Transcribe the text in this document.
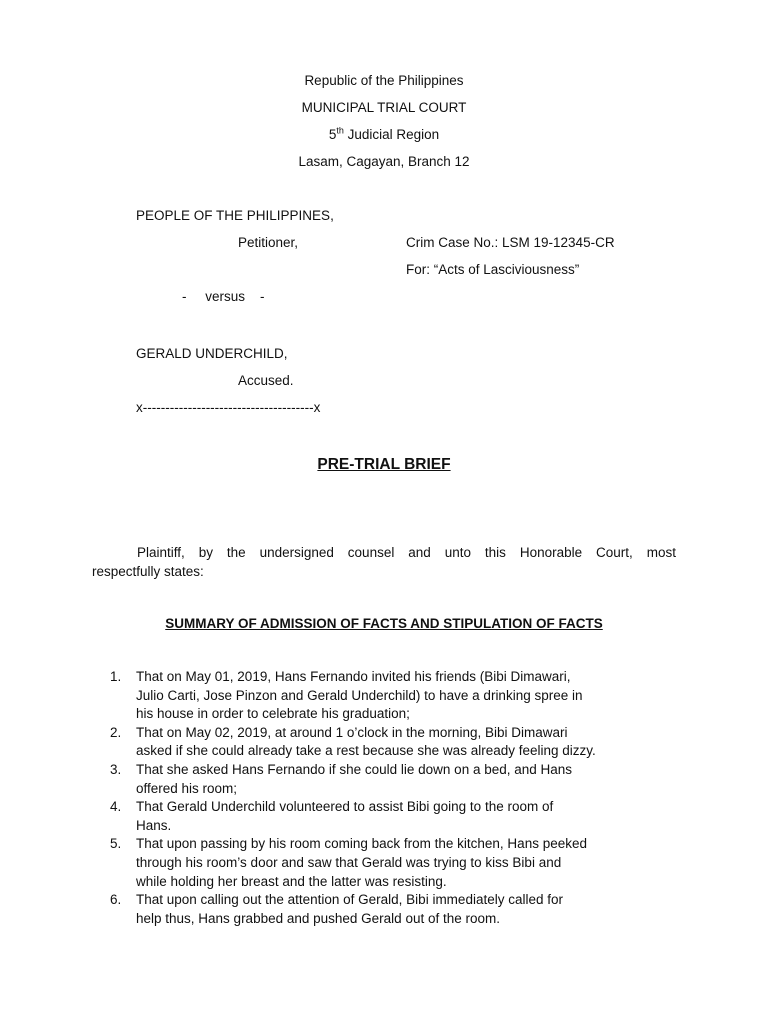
Republic of the Philippines
MUNICIPAL TRIAL COURT
5th Judicial Region
Lasam, Cagayan, Branch 12
PEOPLE OF THE PHILIPPINES,
Petitioner,	Crim Case No.: LSM 19-12345-CR
For: “Acts of Lasciviousness”
-     versus    -
GERALD UNDERCHILD,
Accused.
x--------------------------------------x
PRE-TRIAL BRIEF
Plaintiff, by the undersigned counsel and unto this Honorable Court, most
respectfully states:
SUMMARY OF ADMISSION OF FACTS AND STIPULATION OF FACTS
1. That on May 01, 2019, Hans Fernando invited his friends (Bibi Dimawari,
Julio Carti, Jose Pinzon and Gerald Underchild) to have a drinking spree in
his house in order to celebrate his graduation;
2. That on May 02, 2019, at around 1 o’clock in the morning, Bibi Dimawari
asked if she could already take a rest because she was already feeling dizzy.
3. That she asked Hans Fernando if she could lie down on a bed, and Hans
offered his room;
4. That Gerald Underchild volunteered to assist Bibi going to the room of
Hans.
5. That upon passing by his room coming back from the kitchen, Hans peeked
through his room’s door and saw that Gerald was trying to kiss Bibi and
while holding her breast and the latter was resisting.
6. That upon calling out the attention of Gerald, Bibi immediately called for
help thus, Hans grabbed and pushed Gerald out of the room.
